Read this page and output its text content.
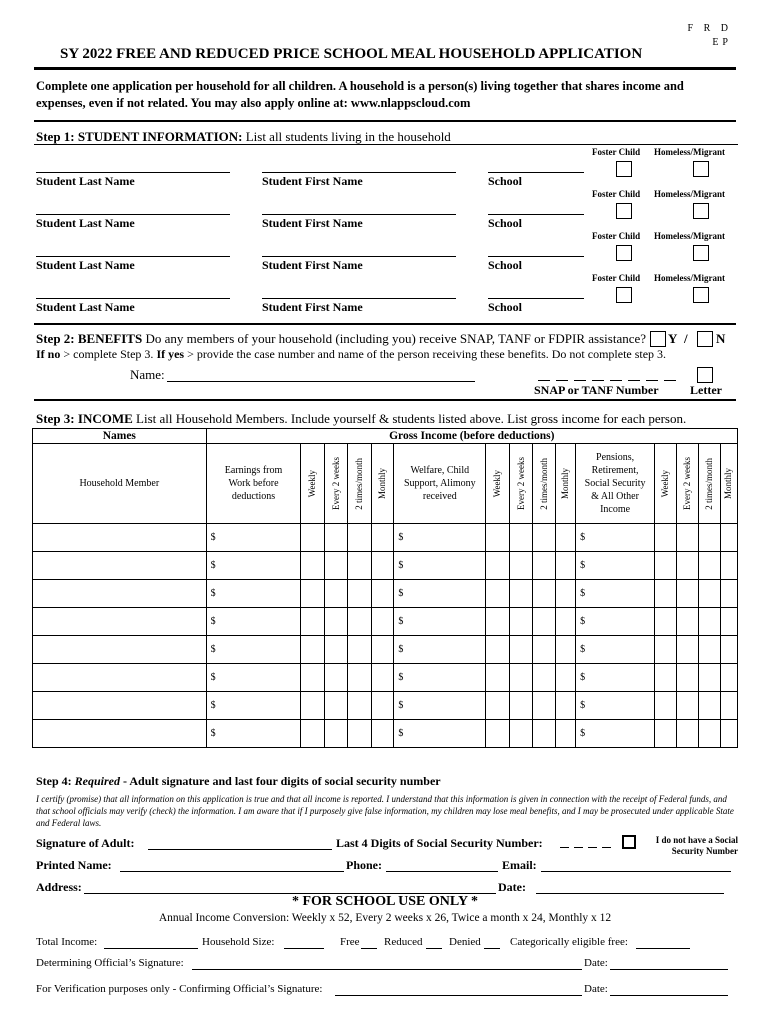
F R D
EP
SY 2022 FREE AND REDUCED PRICE SCHOOL MEAL HOUSEHOLD APPLICATION
Complete one application per household for all children. A household is a person(s) living together that shares income and expenses, even if not related. You may also apply online at: www.nlappscloud.com
Step 1: STUDENT INFORMATION: List all students living in the household
Foster Child Homeless/Migrant
Student Last Name	Student First Name	School
Foster Child Homeless/Migrant
Student Last Name	Student First Name	School
Foster Child Homeless/Migrant
Student Last Name	Student First Name	School
Foster Child Homeless/Migrant
Student Last Name	Student First Name	School
Step 2: BENEFITS Do any members of your household (including you) receive SNAP, TANF or FDPIR assistance? Y / N
If no > complete Step 3. If yes > provide the case number and name of the person receiving these benefits. Do not complete step 3.
Name:
SNAP or TANF Number	Letter
Step 3: INCOME List all Household Members. Include yourself & students listed above. List gross income for each person.
Names	Gross Income (before deductions)														
Household Member	Earnings from Work before deductions	Weekly	Every 2 weeks	2 times/month	Monthly	Welfare, Child Support, Alimony received	Weekly	Every 2 weeks	2 times/month	Monthly	Pensions, Retirement, Social Security & All Other Income	Weekly	Every 2 weeks	2 times/month	Monthly

	$					$					$				
	$					$					$				
	$					$					$				
	$					$					$				
	$					$					$				
	$					$					$				
	$					$					$				
	$					$					$				
Step 4: Required - Adult signature and last four digits of social security number
I certify (promise) that all information on this application is true and that all income is reported. I understand that this information is given in connection with the receipt of Federal funds, and that school officials may verify (check) the information. I am aware that if I purposely give false information, my children may lose meal benefits, and I may be prosecuted under applicable State and Federal laws.
Signature of Adult:	Last 4 Digits of Social Security Number:	I do not have a Social Security Number
Printed Name:	Phone:	Email:
Address:	Date:
* FOR SCHOOL USE ONLY *
Annual Income Conversion: Weekly x 52, Every 2 weeks x 26, Twice a month x 24, Monthly x 12
Total Income:	Household Size:	Free Reduced Denied	Categorically eligible free:
Determining Official’s Signature:	Date:
For Verification purposes only - Confirming Official’s Signature:	Date:
